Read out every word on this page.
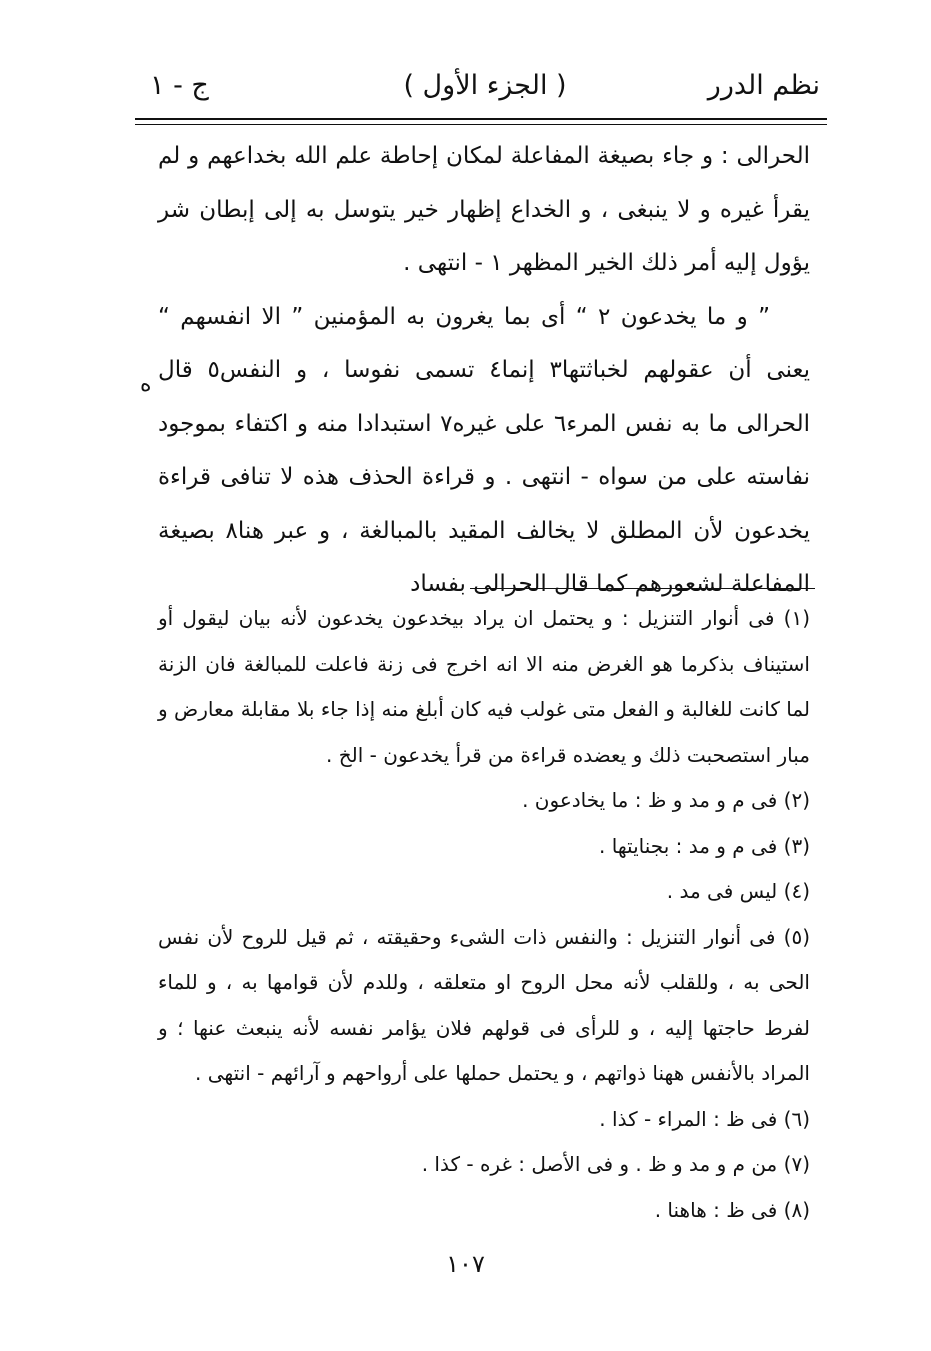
نظم الدرر
( الجزء الأول )
ج - ١

الحرالى : و جاء بصيغة المفاعلة لمكان إحاطة علم الله بخداعهم و لم يقرأ غيره و لا ينبغى ، و الخداع إظهار خير يتوسل به إلى إبطان شر يؤول إليه أمر ذلك الخير المظهر ١ - انتهى .

” و ما يخدعون ٢ “ أى بما يغرون به المؤمنين ” الا انفسهم “ يعنى أن عقولهم لخباثتها٣ إنما٤ تسمى نفوسا ، و النفس٥ قال الحرالى ما به نفس المرء٦ على غيره٧ استبدادا منه و اكتفاء بموجود نفاسته على من سواه - انتهى . و قراءة الحذف هذه لا تنافى قراءة يخدعون لأن المطلق لا يخالف المقيد بالمبالغة ، و عبر هنا٨ بصيغة المفاعلة لشعورهم كما قال الحرالى بفساد

ه

(١) فى أنوار التنزيل : و يحتمل ان يراد بيخدعون يخدعون لأنه بيان ليقول أو استيناف بذكرما هو الغرض منه الا انه اخرج فى زنة فاعلت للمبالغة فان الزنة لما كانت للغالبة و الفعل متى غولب فيه كان أبلغ منه إذا جاء بلا مقابلة معارض و مبار استصحبت ذلك و يعضده قراءة من قرأ يخدعون - الخ .

(٢) فى م و مد و ظ : ما يخادعون .

(٣) فى م و مد : بجنايتها .

(٤) ليس فى مد .

(٥) فى أنوار التنزيل : والنفس ذات الشىء وحقيقته ، ثم قيل للروح لأن نفس الحى به ، وللقلب لأنه محل الروح او متعلقه ، وللدم لأن قوامها به ، و للماء لفرط حاجتها إليه ، و للرأى فى قولهم فلان يؤامر نفسه لأنه ينبعث عنها ؛ و المراد بالأنفس ههنا ذواتهم ، و يحتمل حملها على أرواحهم و آرائهم - انتهى .

(٦) فى ظ : المراء - كذا .

(٧) من م و مد و ظ . و فى الأصل : غره - كذا .

(٨) فى ظ : هاهنا .

١٠٧
